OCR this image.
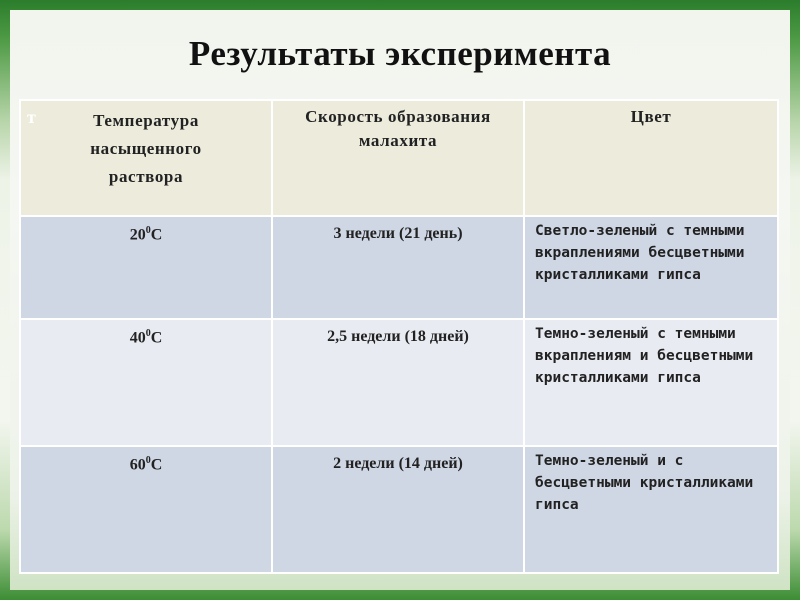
Результаты эксперимента
т Температура насыщенного раствора	Скорость образования малахита	Цвет

$20^0С$	3 недели (21 день)	Светло-зеленый с темными вкраплениями бесцветными кристалликами гипса

$40^0С$	2,5 недели (18 дней)	Темно-зеленый с темными вкраплениям и бесцветными кристалликами гипса

$60^0С$	2 недели (14 дней)	Темно-зеленый и с бесцветными кристалликами гипса
